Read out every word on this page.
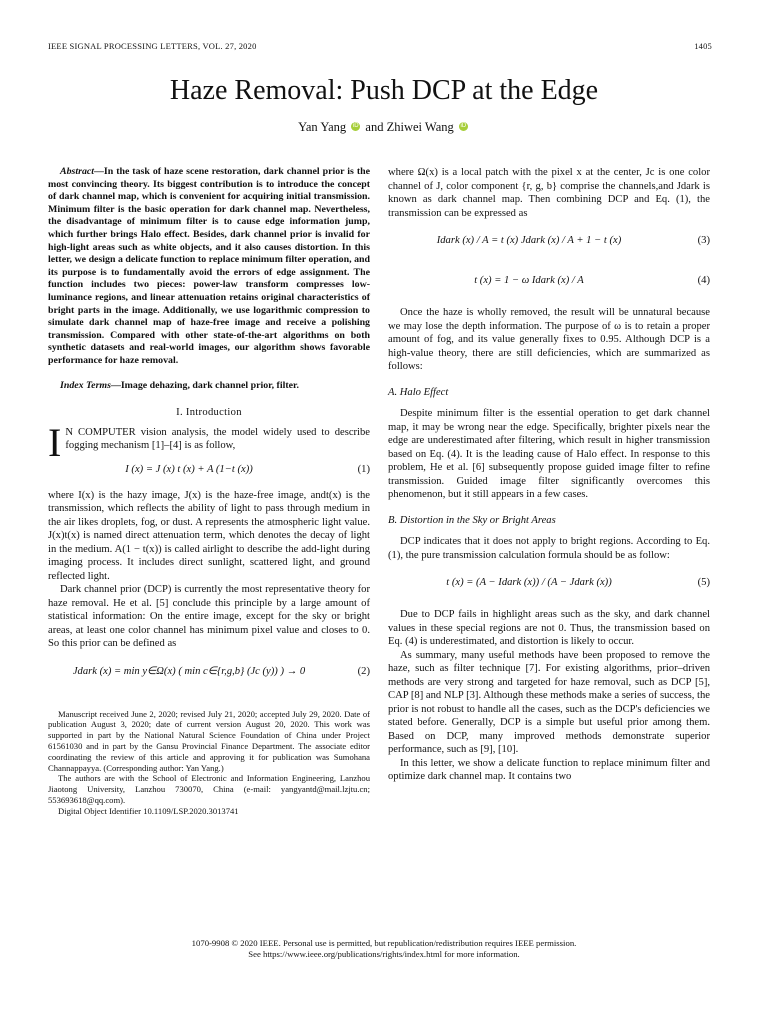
IEEE SIGNAL PROCESSING LETTERS, VOL. 27, 2020	1405
Haze Removal: Push DCP at the Edge
Yan Yang iD and Zhiwei Wang iD

Abstract—In the task of haze scene restoration, dark channel prior is the most convincing theory. Its biggest contribution is to introduce the concept of dark channel map, which is convenient for acquiring initial transmission. Minimum filter is the basic operation for dark channel map. Nevertheless, the disadvantage of minimum filter is to cause edge information jump, which further brings Halo effect. Besides, dark channel prior is invalid for high-light areas such as white objects, and it also causes distortion. In this letter, we design a delicate function to replace minimum filter operation, and its purpose is to fundamentally avoid the errors of edge assignment. The function includes two pieces: power-law transform compresses low-luminance regions, and linear attenuation retains original characteristics of bright parts in the image. Additionally, we use logarithmic compression to simulate dark channel map of haze-free image and receive a polishing transmission. Compared with other state-of-the-art algorithms on both synthetic datasets and real-world images, our algorithm shows favorable performance for haze removal.

Index Terms—Image dehazing, dark channel prior, filter.

I. Introduction

I N COMPUTER vision analysis, the model widely used to describe fogging mechanism [1]–[4] is as follow,

I (x) = J (x) t (x) + A (1−t (x))	(1)

where I(x) is the hazy image, J(x) is the haze-free image, andt(x) is the transmission, which reflects the ability of light to pass through medium in the air likes droplets, fog, or dust. A represents the atmospheric light value. J(x)t(x) is named direct attenuation term, which denotes the decay of light in the medium. A(1 − t(x)) is called airlight to describe the add-light during imaging process. It includes direct sunlight, scattered light, and ground reflected light.

Dark channel prior (DCP) is currently the most representative theory for haze removal. He et al. [5] conclude this principle by a large amount of statistical information: On the entire image, except for the sky or bright areas, at least one color channel has minimum pixel value and closes to 0. So this prior can be defined as

Jdark (x) = min y∈Ω(x) ( min c∈{r,g,b} (Jc (y)) ) → 0	(2)

Manuscript received June 2, 2020; revised July 21, 2020; accepted July 29, 2020. Date of publication August 3, 2020; date of current version August 20, 2020. This work was supported in part by the National Natural Science Foundation of China under Project 61561030 and in part by the Gansu Provincial Finance Department. The associate editor coordinating the review of this article and approving it for publication was Sumohana Channappayya. (Corresponding author: Yan Yang.)

The authors are with the School of Electronic and Information Engineering, Lanzhou Jiaotong University, Lanzhou 730070, China (e-mail: yangyantd@mail.lzjtu.cn; 553693618@qq.com).

Digital Object Identifier 10.1109/LSP.2020.3013741

where Ω(x) is a local patch with the pixel x at the center, Jc is one color channel of J, color component {r, g, b} comprise the channels,and Jdark is known as dark channel map. Then combining DCP and Eq. (1), the transmission can be expressed as

Idark (x) / A = t (x) Jdark (x) / A + 1 − t (x)	(3)
t (x) = 1 − ω Idark (x) / A	(4)

Once the haze is wholly removed, the result will be unnatural because we may lose the depth information. The purpose of ω is to retain a proper amount of fog, and its value generally fixes to 0.95. Although DCP is a high-value theory, there are still deficiencies, which are summarized as follows:

A. Halo Effect

Despite minimum filter is the essential operation to get dark channel map, it may be wrong near the edge. Specifically, brighter pixels near the edge are underestimated after filtering, which result in higher transmission based on Eq. (4). It is the leading cause of Halo effect. In response to this problem, He et al. [6] subsequently propose guided image filter to refine transmission. Guided image filter significantly overcomes this phenomenon, but it still appears in a few cases.

B. Distortion in the Sky or Bright Areas

DCP indicates that it does not apply to bright regions. According to Eq. (1), the pure transmission calculation formula should be as follow:

t (x) = (A − Idark (x)) / (A − Jdark (x))	(5)

Due to DCP fails in highlight areas such as the sky, and dark channel values in these special regions are not 0. Thus, the transmission based on Eq. (4) is underestimated, and distortion is likely to occur.

As summary, many useful methods have been proposed to remove the haze, such as filter technique [7]. For existing algorithms, prior–driven methods are very strong and targeted for haze removal, such as DCP [5], CAP [8] and NLP [3]. Although these methods make a series of success, the prior is not robust to handle all the cases, such as the DCP's deficiencies we stated before. Generally, DCP is a simple but useful prior among them. Based on DCP, many improved methods demonstrate superior performance, such as [9], [10].

In this letter, we show a delicate function to replace minimum filter and optimize dark channel map. It contains two

1070-9908 © 2020 IEEE. Personal use is permitted, but republication/redistribution requires IEEE permission.
See https://www.ieee.org/publications/rights/index.html for more information.
